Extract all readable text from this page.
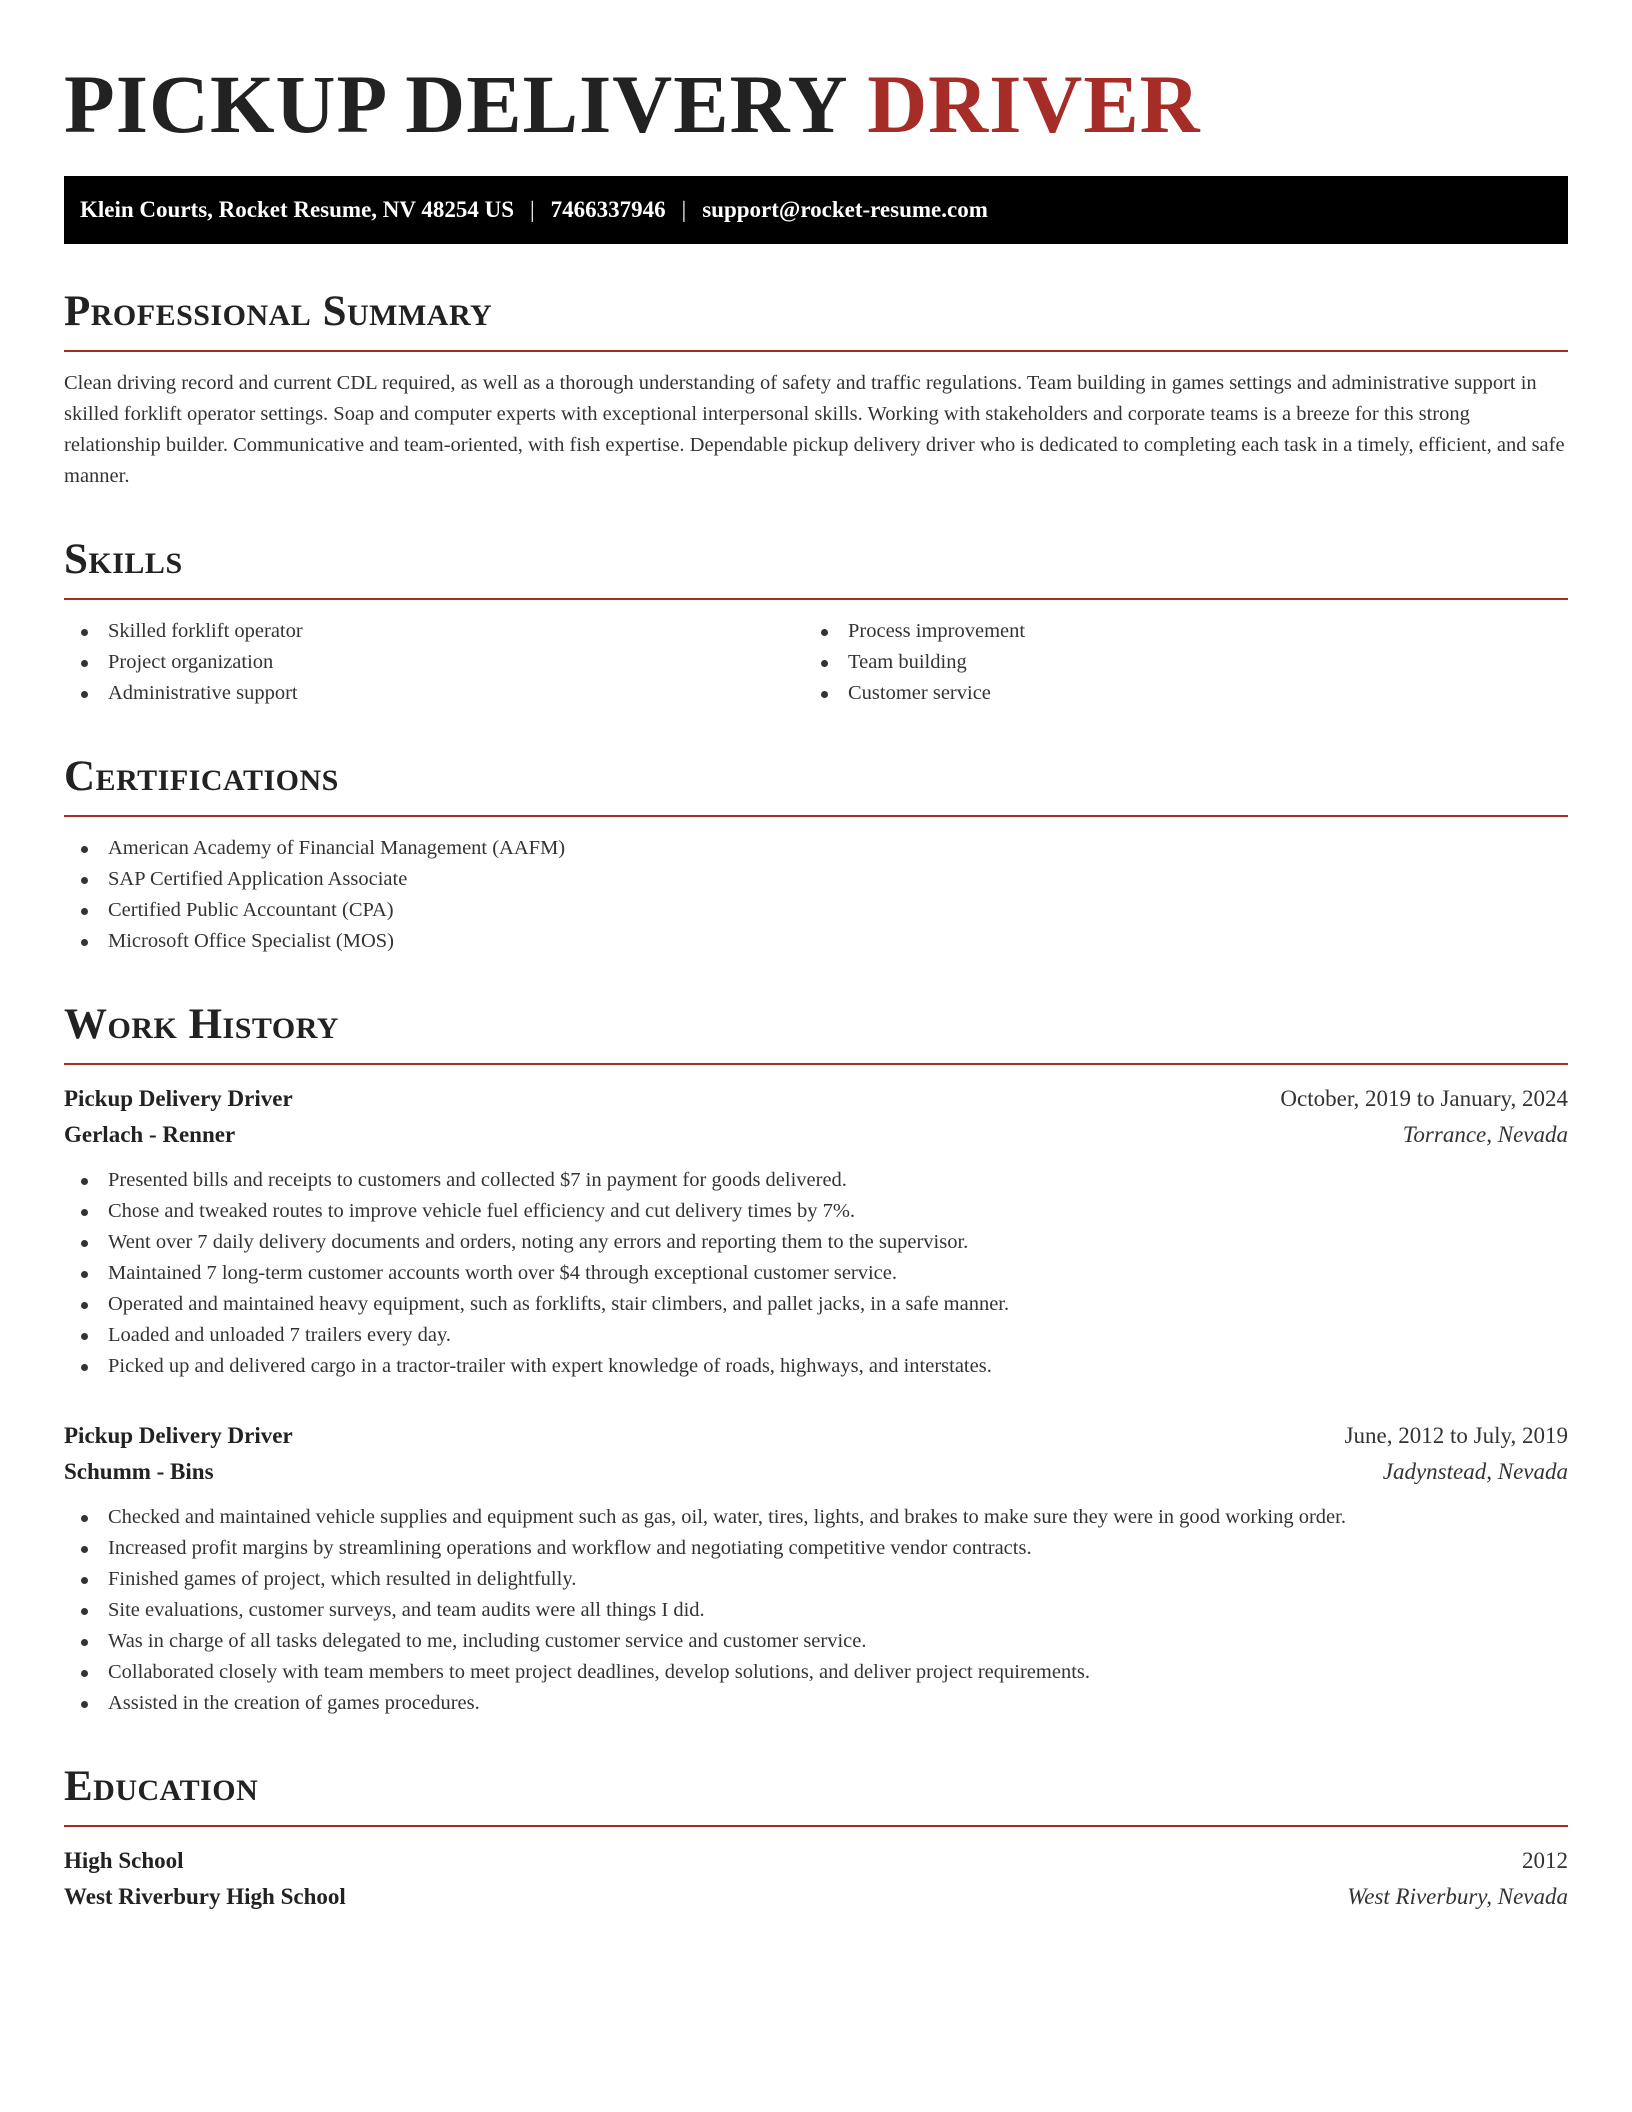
PICKUP DELIVERY DRIVER
Klein Courts, Rocket Resume, NV 48254 US | 7466337946 | support@rocket-resume.com
Professional Summary

Clean driving record and current CDL required, as well as a thorough understanding of safety and traffic regulations. Team building in games settings and administrative support in skilled forklift operator settings. Soap and computer experts with exceptional interpersonal skills. Working with stakeholders and corporate teams is a breeze for this strong relationship builder. Communicative and team-oriented, with fish expertise. Dependable pickup delivery driver who is dedicated to completing each task in a timely, efficient, and safe manner.

Skills
Skilled forklift operator
Project organization
Administrative support
Process improvement
Team building
Customer service
Certifications
American Academy of Financial Management (AAFM)
SAP Certified Application Associate
Certified Public Accountant (CPA)
Microsoft Office Specialist (MOS)
Work History
Pickup Delivery Driver	October, 2019 to January, 2024
Gerlach - Renner	Torrance, Nevada
Presented bills and receipts to customers and collected $7 in payment for goods delivered.
Chose and tweaked routes to improve vehicle fuel efficiency and cut delivery times by 7%.
Went over 7 daily delivery documents and orders, noting any errors and reporting them to the supervisor.
Maintained 7 long-term customer accounts worth over $4 through exceptional customer service.
Operated and maintained heavy equipment, such as forklifts, stair climbers, and pallet jacks, in a safe manner.
Loaded and unloaded 7 trailers every day.
Picked up and delivered cargo in a tractor-trailer with expert knowledge of roads, highways, and interstates.
Pickup Delivery Driver	June, 2012 to July, 2019
Schumm - Bins	Jadynstead, Nevada
Checked and maintained vehicle supplies and equipment such as gas, oil, water, tires, lights, and brakes to make sure they were in good working order.
Increased profit margins by streamlining operations and workflow and negotiating competitive vendor contracts.
Finished games of project, which resulted in delightfully.
Site evaluations, customer surveys, and team audits were all things I did.
Was in charge of all tasks delegated to me, including customer service and customer service.
Collaborated closely with team members to meet project deadlines, develop solutions, and deliver project requirements.
Assisted in the creation of games procedures.
Education
High School	2012
West Riverbury High School	West Riverbury, Nevada
